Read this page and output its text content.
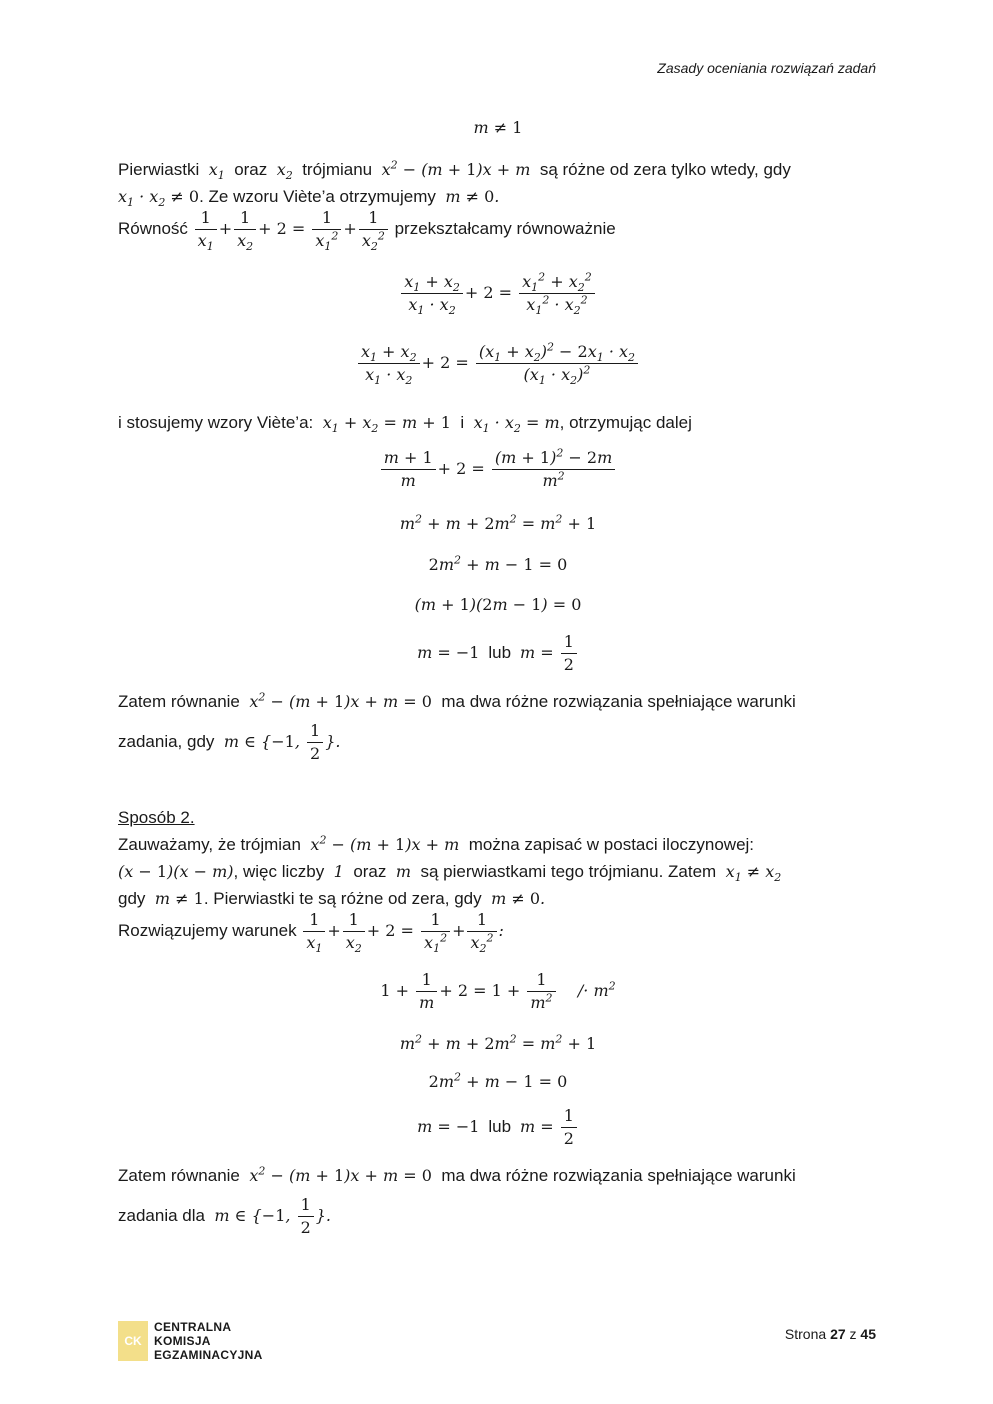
Zasady oceniania rozwiązań zadań
m ≠ 1

Pierwiastki $x_1$ oraz $x_2$ trójmianu $x^2 - (m + 1)x + m$ są różne od zera tylko wtedy, gdy

$x_1 \cdot x_2 \ne 0$. Ze wzoru Viète’a otrzymujemy m ≠ 0.

Równość $\frac{1}{x_1} + \frac{1}{x_2} + 2 = \frac{1}{x_1^2} + \frac{1}{x_2^2}$ przekształcamy równoważnie

$\frac{x_1 + x_2}{x_1 \cdot x_2} + 2 = \frac{x_1^2 + x_2^2}{x_1^2 \cdot x_2^2}$
$\frac{x_1 + x_2}{x_1 \cdot x_2} + 2 = \frac{(x_1 + x_2)^2 - 2x_1 \cdot x_2}{(x_1 \cdot x_2)^2}$

i stosujemy wzory Viète’a: $x_1 + x_2 = m + 1$ i $x_1 \cdot x_2 = m$, otrzymując dalej

$\frac{m + 1}{m} + 2 = \frac{(m + 1)^2 - 2m}{m^2}$
$m^2 + m + 2m^2 = m^2 + 1$
$2m^2 + m - 1 = 0$
(m + 1)(2m − 1) = 0
m = −1 lub $m = \frac{1}{2}$

Zatem równanie $x^2 - (m + 1)x + m = 0$ ma dwa różne rozwiązania spełniające warunki

zadania, gdy m ∈ {−1, $\frac{1}{2}$ }.

Sposób 2.

Zauważamy, że trójmian $x^2 - (m + 1)x + m$ można zapisać w postaci iloczynowej:

(x − 1)(x − m), więc liczby 1 oraz m są pierwiastkami tego trójmianu. Zatem $x_1 \ne x_2$

gdy m ≠ 1. Pierwiastki te są różne od zera, gdy m ≠ 0.

Rozwiązujemy warunek $\frac{1}{x_1} + \frac{1}{x_2} + 2 = \frac{1}{x_1^2} + \frac{1}{x_2^2}$ :

$1 + \frac{1}{m} + 2 = 1 + \frac{1}{m^2} /\cdot m^2$
$m^2 + m + 2m^2 = m^2 + 1$
$2m^2 + m - 1 = 0$
m = −1 lub $m = \frac{1}{2}$

Zatem równanie $x^2 - (m + 1)x + m = 0$ ma dwa różne rozwiązania spełniające warunki

zadania dla m ∈ {−1, $\frac{1}{2}$ }.

CK
CENTRALNA
KOMISJA
EGZAMINACYJNA
Strona 27 z 45
